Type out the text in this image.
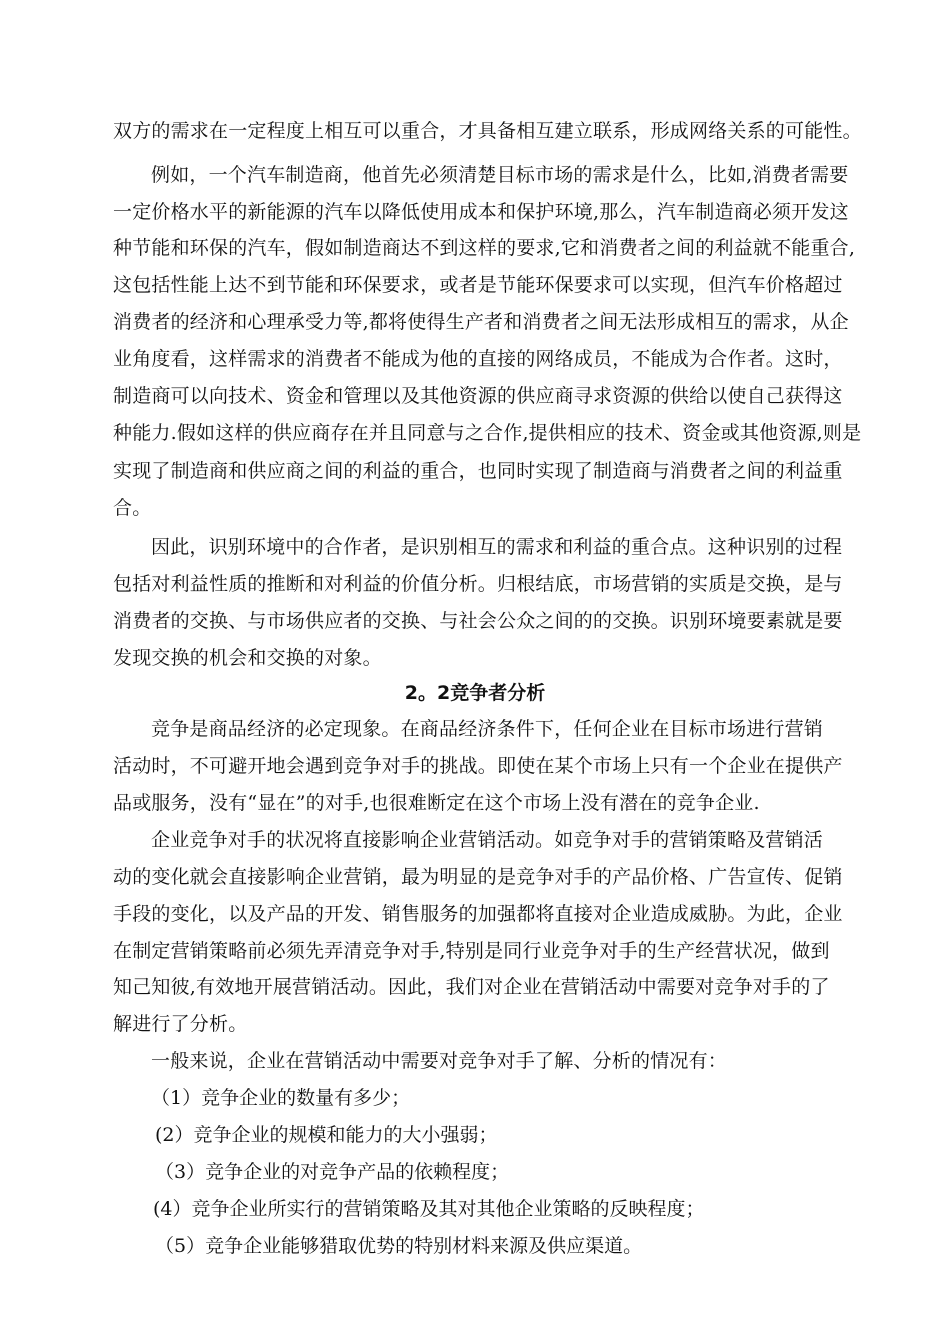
双方的需求在一定程度上相互可以重合，才具备相互建立联系，形成网络关系的可能性。
例如，一个汽车制造商，他首先必须清楚目标市场的需求是什么，比如,消费者需要
一定价格水平的新能源的汽车以降低使用成本和保护环境,那么，汽车制造商必须开发这
种节能和环保的汽车，假如制造商达不到这样的要求,它和消费者之间的利益就不能重合,
这包括性能上达不到节能和环保要求，或者是节能环保要求可以实现，但汽车价格超过
消费者的经济和心理承受力等,都将使得生产者和消费者之间无法形成相互的需求，从企
业角度看，这样需求的消费者不能成为他的直接的网络成员，不能成为合作者。这时，
制造商可以向技术、资金和管理以及其他资源的供应商寻求资源的供给以使自己获得这
种能力.假如这样的供应商存在并且同意与之合作,提供相应的技术、资金或其他资源,则是
实现了制造商和供应商之间的利益的重合，也同时实现了制造商与消费者之间的利益重
合。
因此，识别环境中的合作者，是识别相互的需求和利益的重合点。这种识别的过程
包括对利益性质的推断和对利益的价值分析。归根结底，市场营销的实质是交换，是与
消费者的交换、与市场供应者的交换、与社会公众之间的的交换。识别环境要素就是要
发现交换的机会和交换的对象。
2。2竞争者分析
竞争是商品经济的必定现象。在商品经济条件下，任何企业在目标市场进行营销
活动时，不可避开地会遇到竞争对手的挑战。即使在某个市场上只有一个企业在提供产
品或服务，没有“显在”的对手,也很难断定在这个市场上没有潜在的竞争企业.
企业竞争对手的状况将直接影响企业营销活动。如竞争对手的营销策略及营销活
动的变化就会直接影响企业营销，最为明显的是竞争对手的产品价格、广告宣传、促销
手段的变化，以及产品的开发、销售服务的加强都将直接对企业造成威胁。为此，企业
在制定营销策略前必须先弄清竞争对手,特别是同行业竞争对手的生产经营状况，做到
知己知彼,有效地开展营销活动。因此，我们对企业在营销活动中需要对竞争对手的了
解进行了分析。
一般来说，企业在营销活动中需要对竞争对手了解、分析的情况有：
（1）竞争企业的数量有多少；
(2）竞争企业的规模和能力的大小强弱；
（3）竞争企业的对竞争产品的依赖程度；
(4）竞争企业所实行的营销策略及其对其他企业策略的反映程度；
（5）竞争企业能够猎取优势的特别材料来源及供应渠道。
